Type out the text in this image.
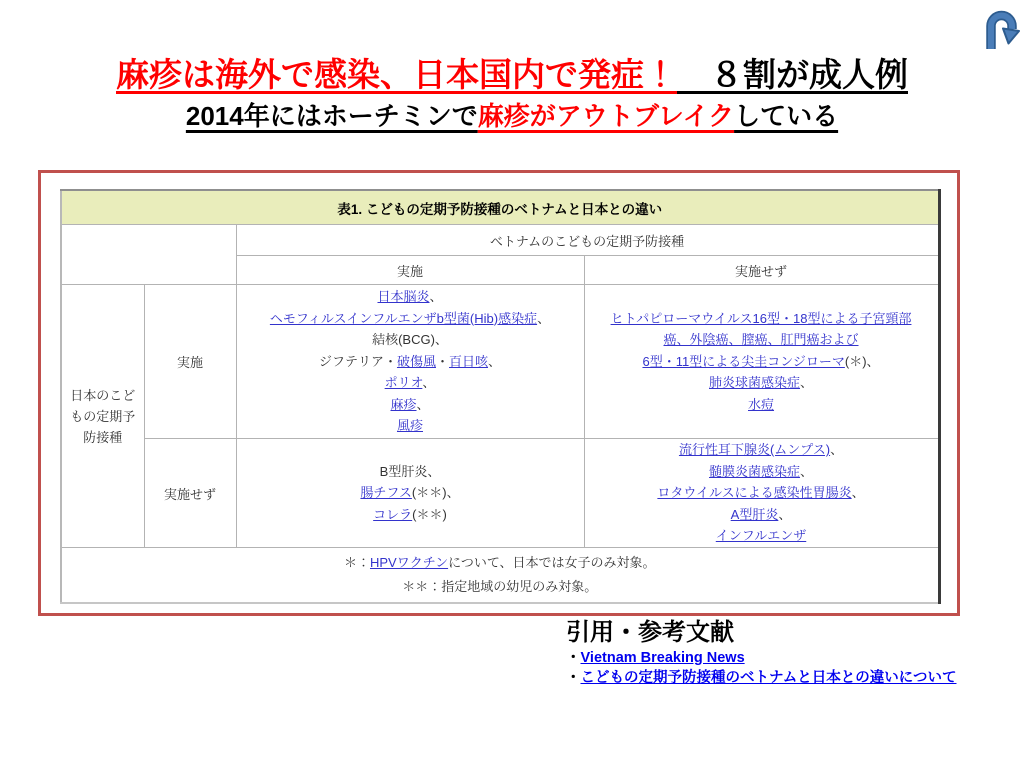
麻疹は海外で感染、日本国内で発症！　８割が成人例
2014年にはホーチミンで麻疹がアウトブレイクしている
表1. こどもの定期予防接種のベトナムと日本との違い			
		ベトナムのこどもの定期予防接種	
		実施	実施せず
日本のこどもの定期予防接種	実施	日本脳炎、
ヘモフィルスインフルエンザb型菌(Hib)感染症、
結核(BCG)、
ジフテリア・破傷風・百日咳、
ポリオ、
麻疹、
風疹	ヒトパピローマウイルス16型・18型による子宮頸部
癌、外陰癌、膣癌、肛門癌および
6型・11型による尖圭コンジローマ(＊)、
肺炎球菌感染症、
水痘
	実施せず	B型肝炎、
腸チフス(＊＊)、
コレラ(＊＊)	流行性耳下腺炎(ムンプス)、
髄膜炎菌感染症、
ロタウイルスによる感染性胃腸炎、
A型肝炎、
インフルエンザ
＊：HPVワクチンについて、日本では女子のみ対象。
＊＊：指定地域の幼児のみ対象。			
引用・参考文献
・Vietnam Breaking News
・こどもの定期予防接種のベトナムと日本との違いについて
